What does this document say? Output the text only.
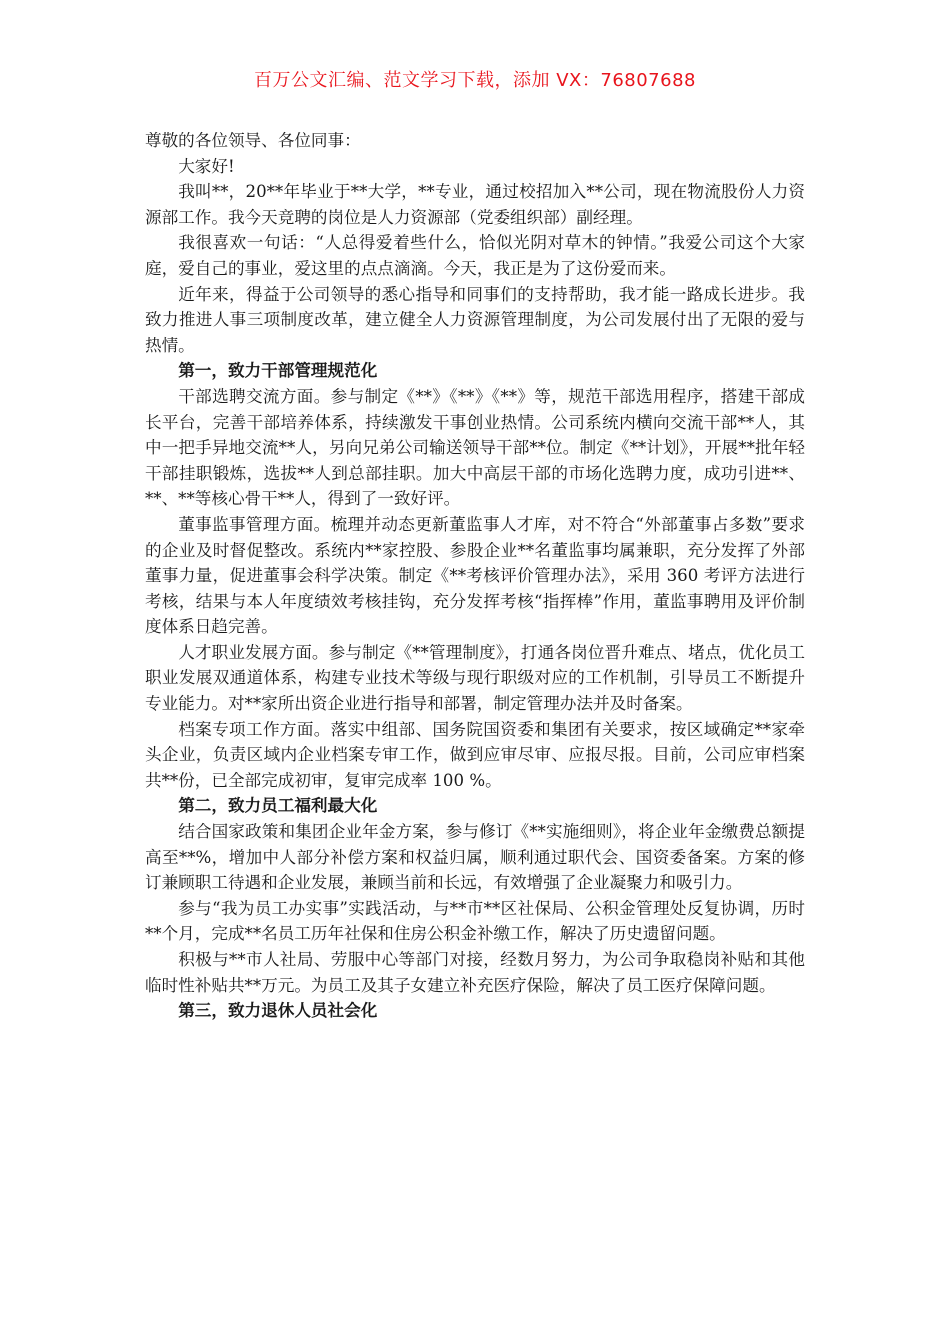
百万公文汇编、范文学习下载，添加 VX：76807688

尊敬的各位领导、各位同事：

大家好!

我叫**，20**年毕业于**大学，**专业，通过校招加入**公司，现在物流股份人力资源部工作。我今天竞聘的岗位是人力资源部（党委组织部）副经理。

我很喜欢一句话：“人总得爱着些什么，恰似光阴对草木的钟情。”我爱公司这个大家庭，爱自己的事业，爱这里的点点滴滴。今天，我正是为了这份爱而来。

近年来，得益于公司领导的悉心指导和同事们的支持帮助，我才能一路成长进步。我致力推进人事三项制度改革，建立健全人力资源管理制度，为公司发展付出了无限的爱与热情。

第一，致力干部管理规范化

干部选聘交流方面。参与制定《**》《**》《**》等，规范干部选用程序，搭建干部成长平台，完善干部培养体系，持续激发干事创业热情。公司系统内横向交流干部**人，其中一把手异地交流**人，另向兄弟公司输送领导干部**位。制定《**计划》，开展**批年轻干部挂职锻炼，选拔**人到总部挂职。加大中高层干部的市场化选聘力度，成功引进**、**、**等核心骨干**人，得到了一致好评。

董事监事管理方面。梳理并动态更新董监事人才库，对不符合“外部董事占多数”要求的企业及时督促整改。系统内**家控股、参股企业**名董监事均属兼职，充分发挥了外部董事力量，促进董事会科学决策。制定《**考核评价管理办法》，采用 360 考评方法进行考核，结果与本人年度绩效考核挂钩，充分发挥考核“指挥棒”作用，董监事聘用及评价制度体系日趋完善。

人才职业发展方面。参与制定《**管理制度》，打通各岗位晋升难点、堵点，优化员工职业发展双通道体系，构建专业技术等级与现行职级对应的工作机制，引导员工不断提升专业能力。对**家所出资企业进行指导和部署，制定管理办法并及时备案。

档案专项工作方面。落实中组部、国务院国资委和集团有关要求，按区域确定**家牵头企业，负责区域内企业档案专审工作，做到应审尽审、应报尽报。目前，公司应审档案共**份，已全部完成初审，复审完成率 100 %。

第二，致力员工福利最大化

结合国家政策和集团企业年金方案，参与修订《**实施细则》，将企业年金缴费总额提高至**%，增加中人部分补偿方案和权益归属，顺利通过职代会、国资委备案。方案的修订兼顾职工待遇和企业发展，兼顾当前和长远，有效增强了企业凝聚力和吸引力。

参与“我为员工办实事”实践活动，与**市**区社保局、公积金管理处反复协调，历时**个月，完成**名员工历年社保和住房公积金补缴工作，解决了历史遗留问题。

积极与**市人社局、劳服中心等部门对接，经数月努力，为公司争取稳岗补贴和其他临时性补贴共**万元。为员工及其子女建立补充医疗保险，解决了员工医疗保障问题。

第三，致力退休人员社会化
